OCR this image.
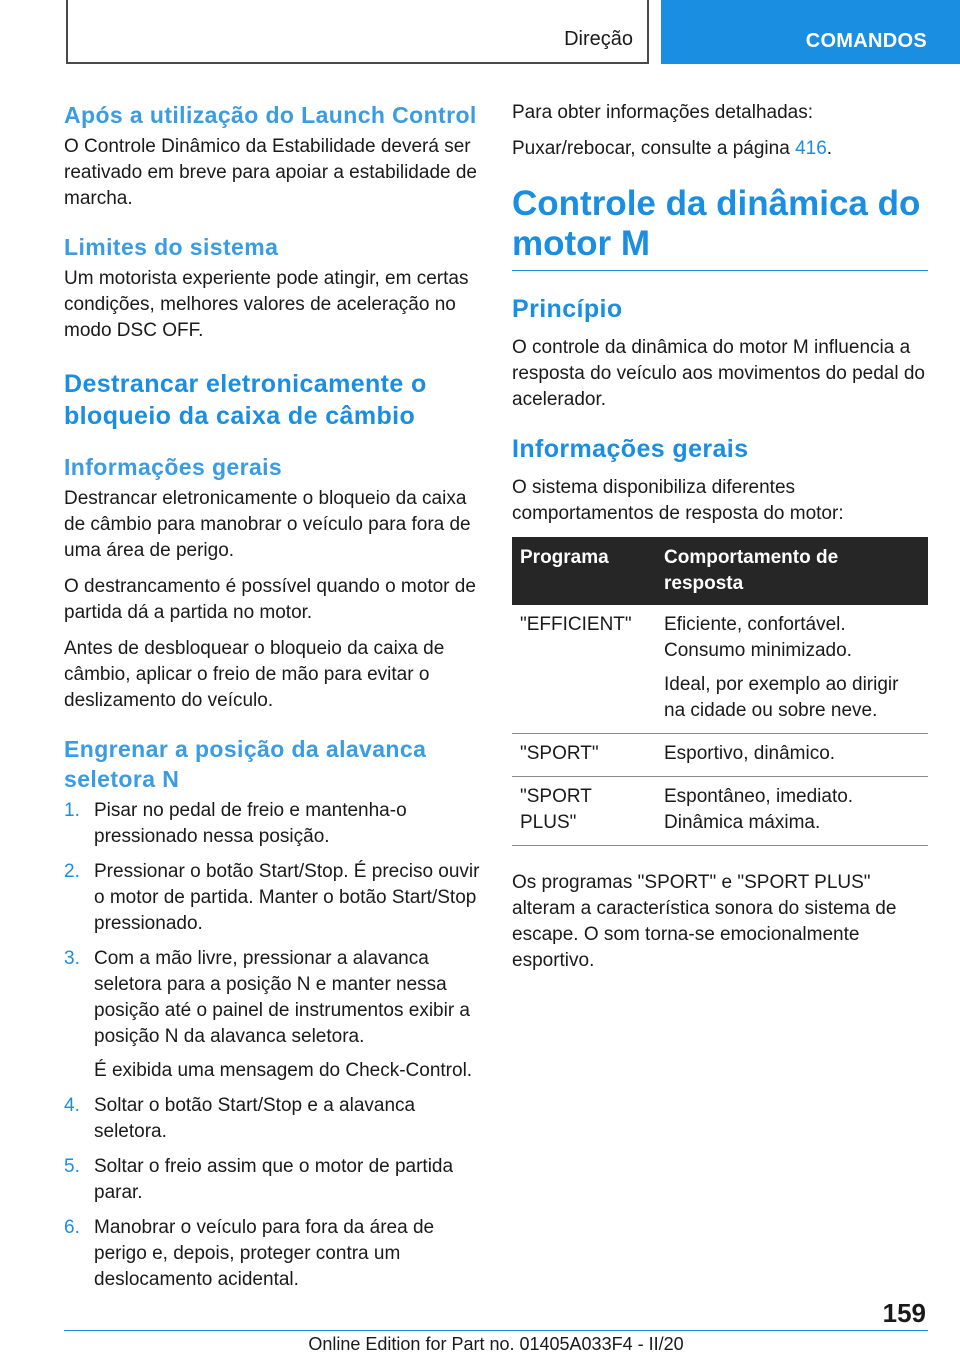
Direção	COMANDOS
Após a utilização do Launch Control

O Controle Dinâmico da Estabilidade deverá ser reativado em breve para apoiar a estabilidade de marcha.

Limites do sistema

Um motorista experiente pode atingir, em certas condições, melhores valores de aceleração no modo DSC OFF.

Destrancar eletronicamente o bloqueio da caixa de câmbio
Informações gerais

Destrancar eletronicamente o bloqueio da caixa de câmbio para manobrar o veículo para fora de uma área de perigo.

O destrancamento é possível quando o motor de partida dá a partida no motor.

Antes de desbloquear o bloqueio da caixa de câmbio, aplicar o freio de mão para evitar o deslizamento do veículo.

Engrenar a posição da alavanca seletora N
1. Pisar no pedal de freio e mantenha-o pressionado nessa posição.
2. Pressionar o botão Start/Stop. É preciso ouvir o motor de partida. Manter o botão Start/Stop pressionado.
3. Com a mão livre, pressionar a alavanca seletora para a posição N e manter nessa posição até o painel de instrumentos exibir a posição N da alavanca seletora.
É exibida uma mensagem do Check-Control.
4. Soltar o botão Start/Stop e a alavanca seletora.
5. Soltar o freio assim que o motor de partida parar.
6. Manobrar o veículo para fora da área de perigo e, depois, proteger contra um deslocamento acidental.

Para obter informações detalhadas:

Puxar/rebocar, consulte a página 416.

Controle da dinâmica do motor M
Princípio

O controle da dinâmica do motor M influencia a resposta do veículo aos movimentos do pedal do acelerador.

Informações gerais

O sistema disponibiliza diferentes comportamentos de resposta do motor:

Programa	Comportamento de resposta
"EFFICIENT"	Eficiente, confortável. Consumo minimizado.

Ideal, por exemplo ao dirigir na cidade ou sobre neve.

"SPORT"	Esportivo, dinâmico.

"SPORT PLUS"	Espontâneo, imediato. Dinâmica máxima.

Os programas "SPORT" e "SPORT PLUS" alteram a característica sonora do sistema de escape. O som torna-se emocionalmente esportivo.

159
Online Edition for Part no. 01405A033F4 - II/20
